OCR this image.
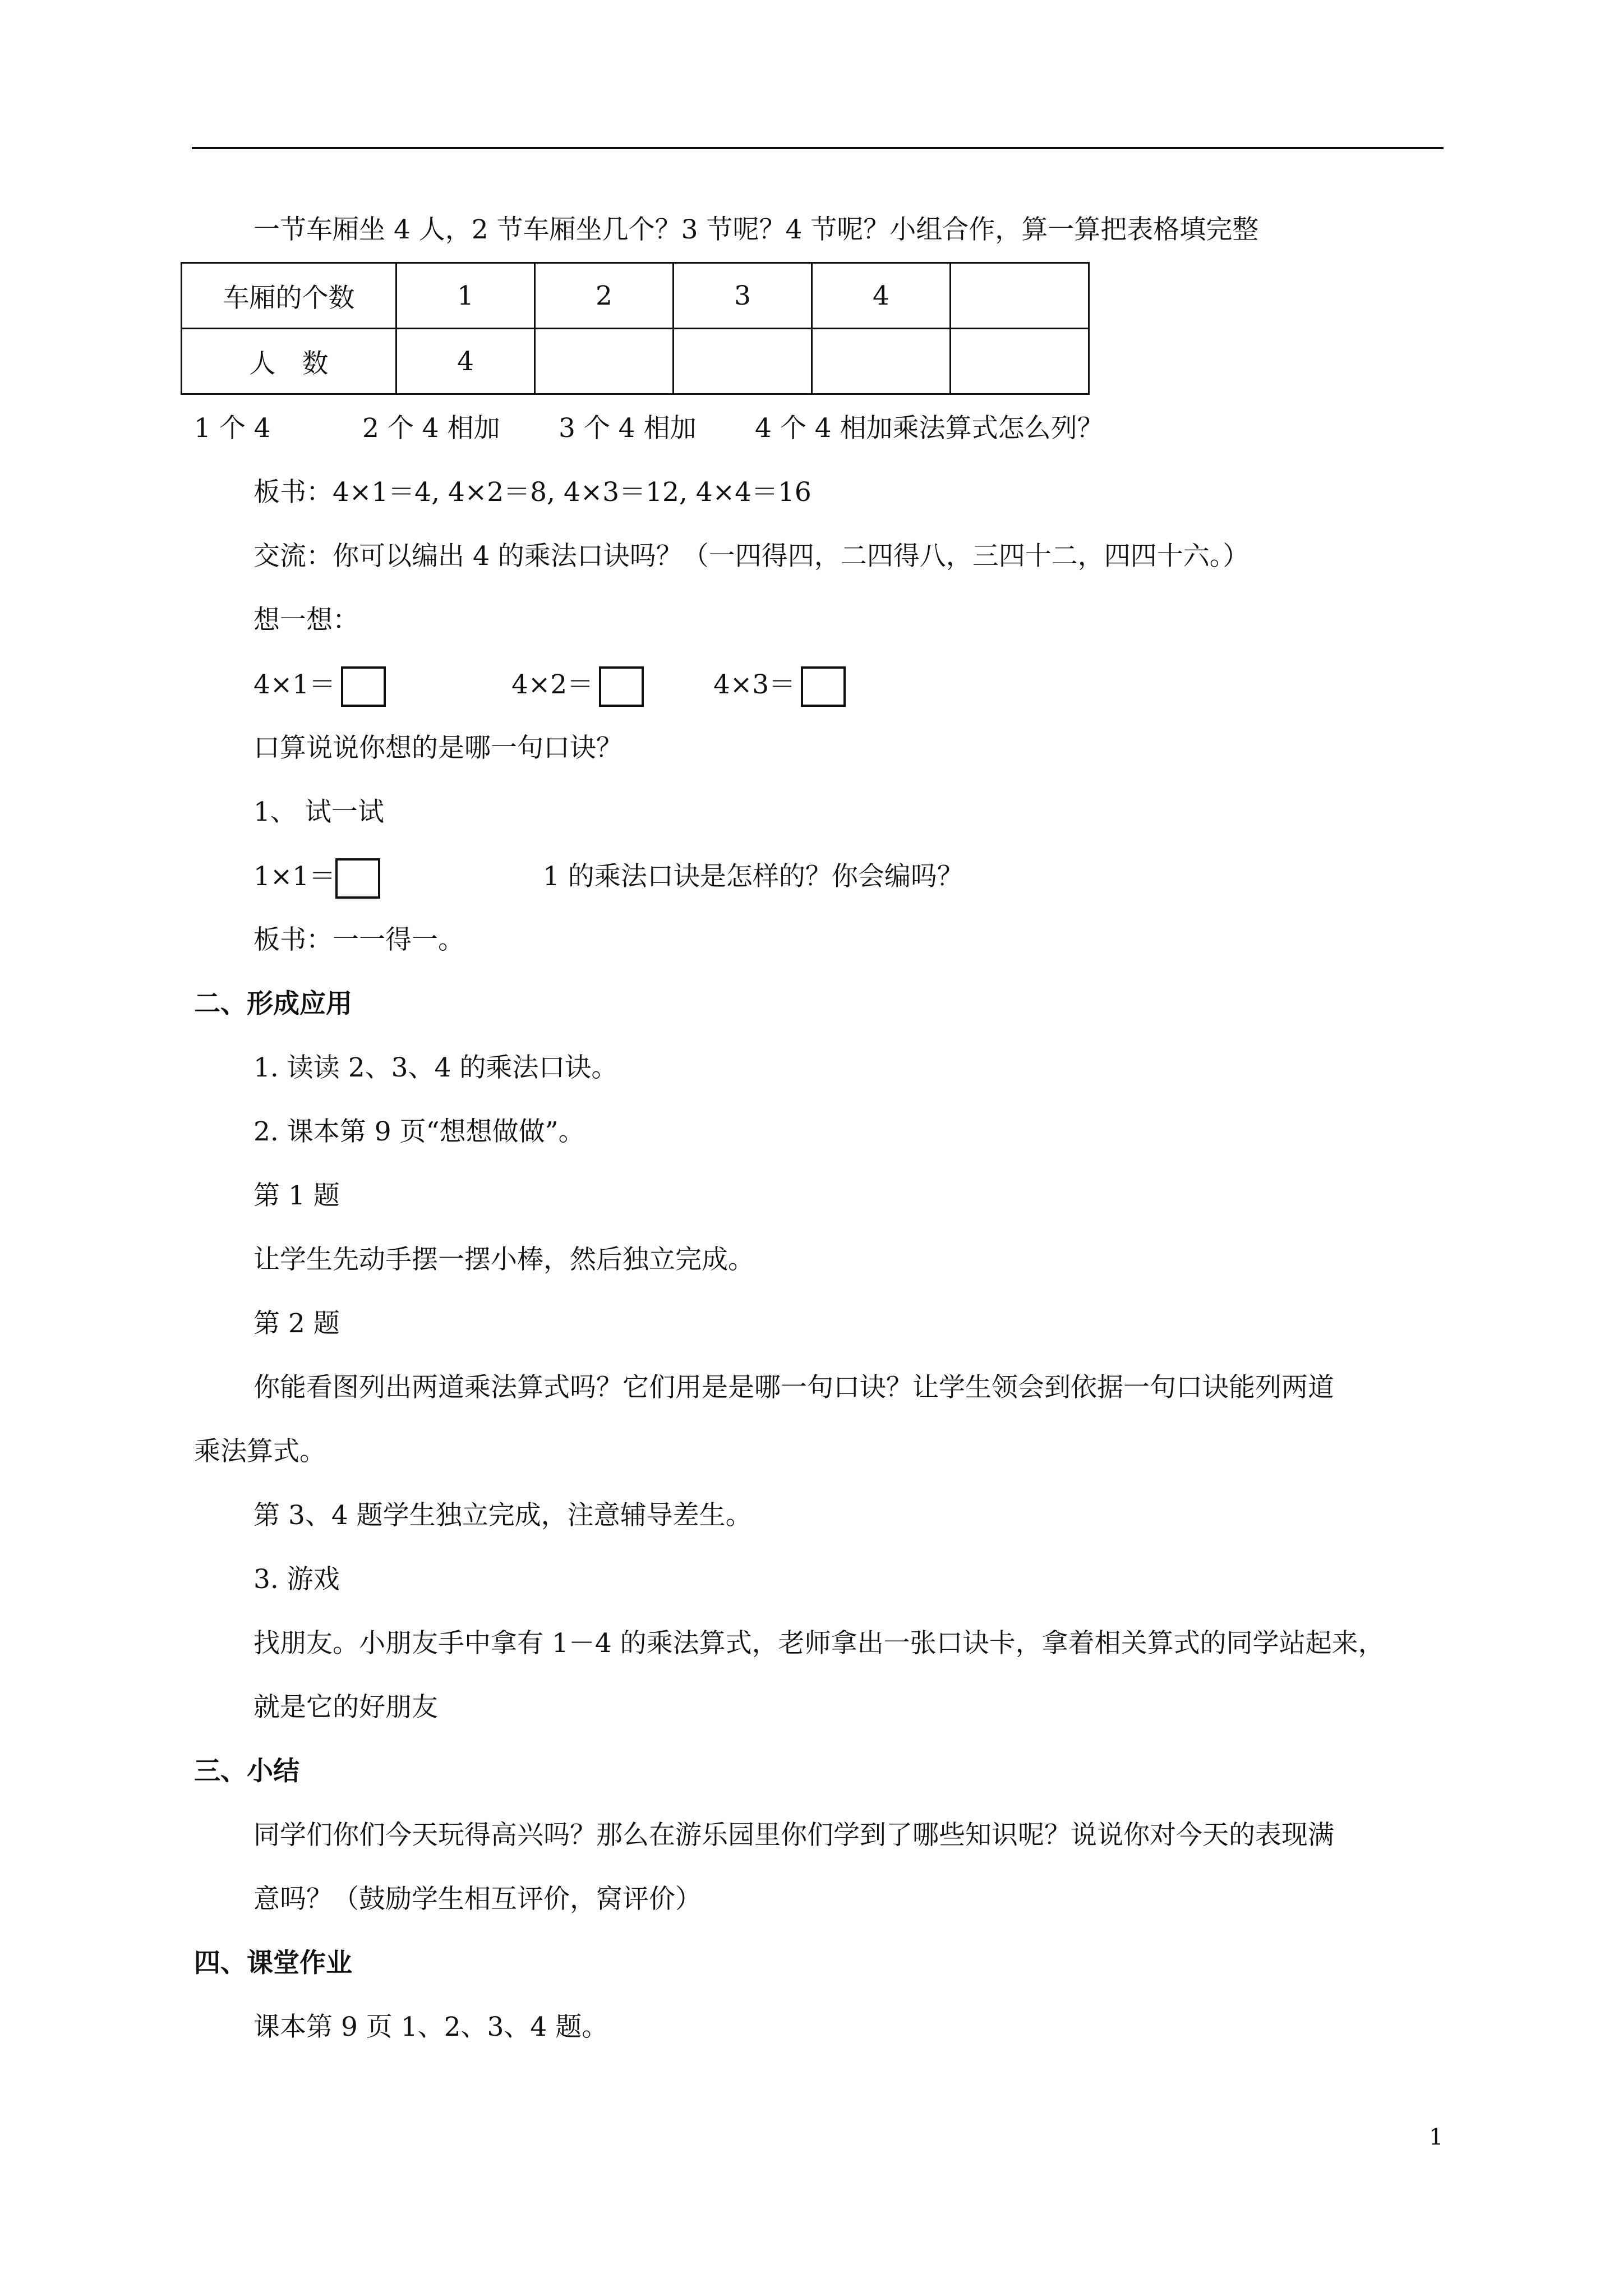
一节车厢坐 4 人，2 节车厢坐几个？3 节呢？4 节呢？小组合作，算一算把表格填完整
车厢的个数	1	2	3	4	
人　数	4				
1 个 4	2 个 4 相加 3 个 4 相加 4 个 4 相加乘法算式怎么列？
板书：4×1＝4, 4×2＝8, 4×3＝12, 4×4＝16
交流：你可以编出 4 的乘法口诀吗？（一四得四，二四得八，三四十二，四四十六。）
想一想：
4×1＝	4×2＝	4×3＝
口算说说你想的是哪一句口诀？
1、 试一试
1×1＝	1 的乘法口诀是怎样的？你会编吗？
板书：一一得一。
二、形成应用
1. 读读 2、3、4 的乘法口诀。
2. 课本第 9 页“想想做做”。
第 1 题
让学生先动手摆一摆小棒，然后独立完成。
第 2 题
你能看图列出两道乘法算式吗？它们用是是哪一句口诀？让学生领会到依据一句口诀能列两道
乘法算式。
第 3、4 题学生独立完成，注意辅导差生。
3. 游戏
找朋友。小朋友手中拿有 1－4 的乘法算式，老师拿出一张口诀卡，拿着相关算式的同学站起来，
就是它的好朋友
三、小结
同学们你们今天玩得高兴吗？那么在游乐园里你们学到了哪些知识呢？说说你对今天的表现满
意吗？（鼓励学生相互评价，窝评价）
四、课堂作业
课本第 9 页 1、2、3、4 题。
1
